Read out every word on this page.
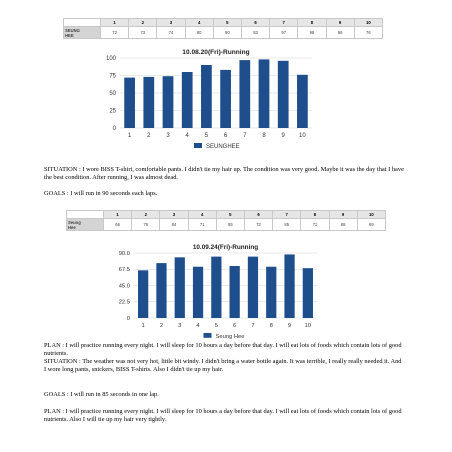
	1	2	3	4	5	6	7	8	9	10
SEUNG
HEE	72	73	74	80	90	83	97	98	96	76
10.08.20(Fri)-Running
0
25
50
75
100
1	2	3	4	5	6	7	8	9 10
SEUNGHEE

SITUATION : I wore BISS T-shirt, comfortable pants. I didn't tie my hair up. The condition was very good. Maybe it was the day that I have the best condition. After running, I was almost dead.

GOALS : I will run in 90 seconds each laps.

	1	2	3	4	5	6	7	8	9	10
Seung
Hee	66	76	84	71	85	72	85	71	88	69
10.09.24(Fri)-Running
0
22.5
45.0
67.5
90.0
1	2	3	4	5	6	7	8	9 10
Seung Hee

PLAN : I will practice running every night. I will sleep for 10 hours a day before that day. I will eat lots of foods which contain lots of good nutrients.

SITUATION : The weather was not very hot, little bit windy. I didn't bring a water bottle again. It was terrible, I really really needed it. And I wore long pants, snickers, BISS T-shirts. Also I didn't tie up my hair.

GOALS : I will run in 85 seconds in one lap.

PLAN : I will practice running every night. I will sleep for 10 hours a day before that day. I will eat lots of foods which contain lots of good nutrients. Also I will tie up my hair very tightly.
